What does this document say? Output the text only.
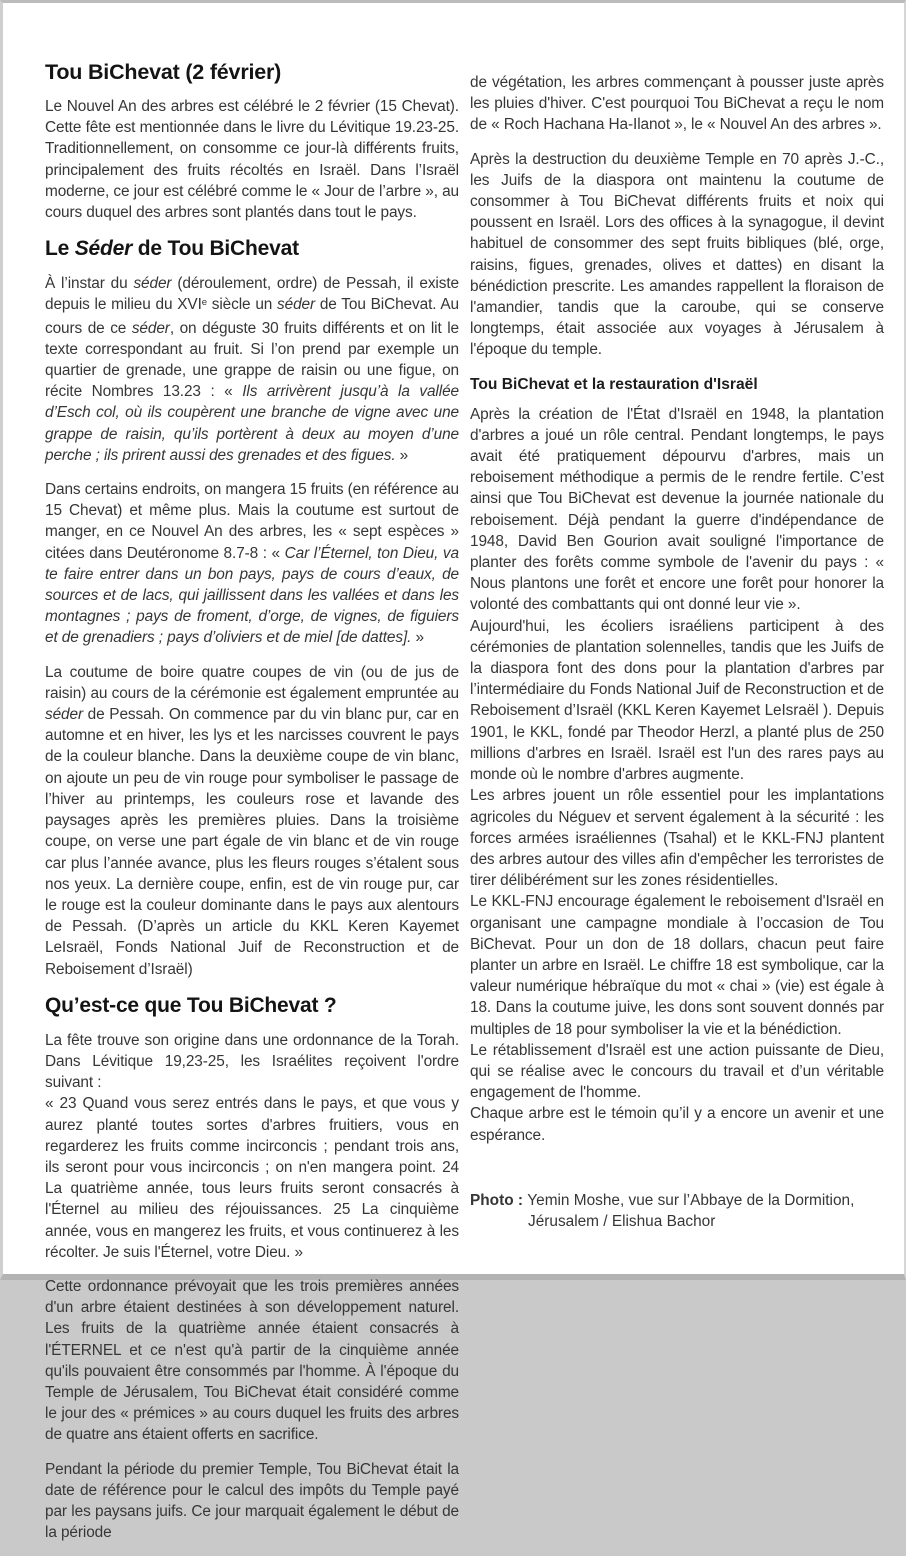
Tou BiChevat (2 février)

Le Nouvel An des arbres est célébré le 2 février (15 Chevat). Cette fête est mentionnée dans le livre du Lévitique 19.23-25. Traditionnellement, on consomme ce jour-là différents fruits, principalement des fruits récoltés en Israël. Dans l’Israël moderne, ce jour est célébré comme le « Jour de l’arbre », au cours duquel des arbres sont plantés dans tout le pays.

Le Séder de Tou BiChevat

À l’instar du séder (déroulement, ordre) de Pessah, il existe depuis le milieu du XVIe siècle un séder de Tou BiChevat. Au cours de ce séder, on déguste 30 fruits différents et on lit le texte correspondant au fruit. Si l’on prend par exemple un quartier de grenade, une grappe de raisin ou une figue, on récite Nombres 13.23 : « Ils arrivèrent jusqu’à la vallée d’Esch col, où ils coupèrent une branche de vigne avec une grappe de raisin, qu’ils portèrent à deux au moyen d’une perche ; ils prirent aussi des grenades et des figues. »

Dans certains endroits, on mangera 15 fruits (en référence au 15 Chevat) et même plus. Mais la coutume est surtout de manger, en ce Nouvel An des arbres, les « sept espèces » citées dans Deutéronome 8.7-8 : « Car l’Éternel, ton Dieu, va te faire entrer dans un bon pays, pays de cours d’eaux, de sources et de lacs, qui jaillissent dans les vallées et dans les montagnes ; pays de froment, d’orge, de vignes, de figuiers et de grenadiers ; pays d’oliviers et de miel [de dattes]. »

La coutume de boire quatre coupes de vin (ou de jus de raisin) au cours de la cérémonie est également empruntée au séder de Pessah. On commence par du vin blanc pur, car en automne et en hiver, les lys et les narcisses couvrent le pays de la couleur blanche. Dans la deuxième coupe de vin blanc, on ajoute un peu de vin rouge pour symboliser le passage de l’hiver au printemps, les couleurs rose et lavande des paysages après les premières pluies. Dans la troisième coupe, on verse une part égale de vin blanc et de vin rouge car plus l’année avance, plus les fleurs rouges s’étalent sous nos yeux. La dernière coupe, enfin, est de vin rouge pur, car le rouge est la couleur dominante dans le pays aux alentours de Pessah. (D’après un article du KKL Keren Kayemet LeIsraël, Fonds National Juif de Reconstruction et de Reboisement d’Israël)

Qu’est-ce que Tou BiChevat ?

La fête trouve son origine dans une ordonnance de la Torah. Dans Lévitique 19,23-25, les Israélites reçoivent l'ordre suivant :
« 23 Quand vous serez entrés dans le pays, et que vous y aurez planté toutes sortes d'arbres fruitiers, vous en regarderez les fruits comme incirconcis ; pendant trois ans, ils seront pour vous incirconcis ; on n'en mangera point. 24 La quatrième année, tous leurs fruits seront consacrés à l'Éternel au milieu des réjouissances. 25 La cinquième année, vous en mangerez les fruits, et vous continuerez à les récolter. Je suis l'Éternel, votre Dieu. »

Cette ordonnance prévoyait que les trois premières années d'un arbre étaient destinées à son développement naturel. Les fruits de la quatrième année étaient consacrés à l'ÉTERNEL et ce n'est qu'à partir de la cinquième année qu'ils pouvaient être consommés par l'homme. À l'époque du Temple de Jérusalem, Tou BiChevat était considéré comme le jour des « prémices » au cours duquel les fruits des arbres de quatre ans étaient offerts en sacrifice.

Pendant la période du premier Temple, Tou BiChevat était la date de référence pour le calcul des impôts du Temple payé par les paysans juifs. Ce jour marquait également le début de la période

de végétation, les arbres commençant à pousser juste après les pluies d'hiver. C'est pourquoi Tou BiChevat a reçu le nom de « Roch Hachana Ha-Ilanot », le « Nouvel An des arbres ».

Après la destruction du deuxième Temple en 70 après J.-C., les Juifs de la diaspora ont maintenu la coutume de consommer à Tou BiChevat différents fruits et noix qui poussent en Israël. Lors des offices à la synagogue, il devint habituel de consommer des sept fruits bibliques (blé, orge, raisins, figues, grenades, olives et dattes) en disant la bénédiction prescrite. Les amandes rappellent la floraison de l'amandier, tandis que la caroube, qui se conserve longtemps, était associée aux voyages à Jérusalem à l'époque du temple.

Tou BiChevat et la restauration d'Israël

Après la création de l'État d'Israël en 1948, la plantation d'arbres a joué un rôle central. Pendant longtemps, le pays avait été pratiquement dépourvu d'arbres, mais un reboisement méthodique a permis de le rendre fertile. C’est ainsi que Tou BiChevat est devenue la journée nationale du reboisement. Déjà pendant la guerre d'indépendance de 1948, David Ben Gourion avait souligné l'importance de planter des forêts comme symbole de l'avenir du pays : « Nous plantons une forêt et encore une forêt pour honorer la volonté des combattants qui ont donné leur vie ».

Aujourd'hui, les écoliers israéliens participent à des cérémonies de plantation solennelles, tandis que les Juifs de la diaspora font des dons pour la plantation d'arbres par l’intermédiaire du Fonds National Juif de Reconstruction et de Reboisement d’Israël (KKL Keren Kayemet LeIsraël ). Depuis 1901, le KKL, fondé par Theodor Herzl, a planté plus de 250 millions d'arbres en Israël. Israël est l'un des rares pays au monde où le nombre d'arbres augmente.

Les arbres jouent un rôle essentiel pour les implantations agricoles du Néguev et servent également à la sécurité : les forces armées israéliennes (Tsahal) et le KKL-FNJ plantent des arbres autour des villes afin d'empêcher les terroristes de tirer délibérément sur les zones résidentielles.

Le KKL-FNJ encourage également le reboisement d'Israël en organisant une campagne mondiale à l’occasion de Tou BiChevat. Pour un don de 18 dollars, chacun peut faire planter un arbre en Israël. Le chiffre 18 est symbolique, car la valeur numérique hébraïque du mot « chai » (vie) est égale à 18. Dans la coutume juive, les dons sont souvent donnés par multiples de 18 pour symboliser la vie et la bénédiction.

Le rétablissement d'Israël est une action puissante de Dieu, qui se réalise avec le concours du travail et d’un véritable engagement de l'homme.

Chaque arbre est le témoin qu’il y a encore un avenir et une espérance.

Photo : Yemin Moshe, vue sur l’Abbaye de la Dormition, Jérusalem / Elishua Bachor
